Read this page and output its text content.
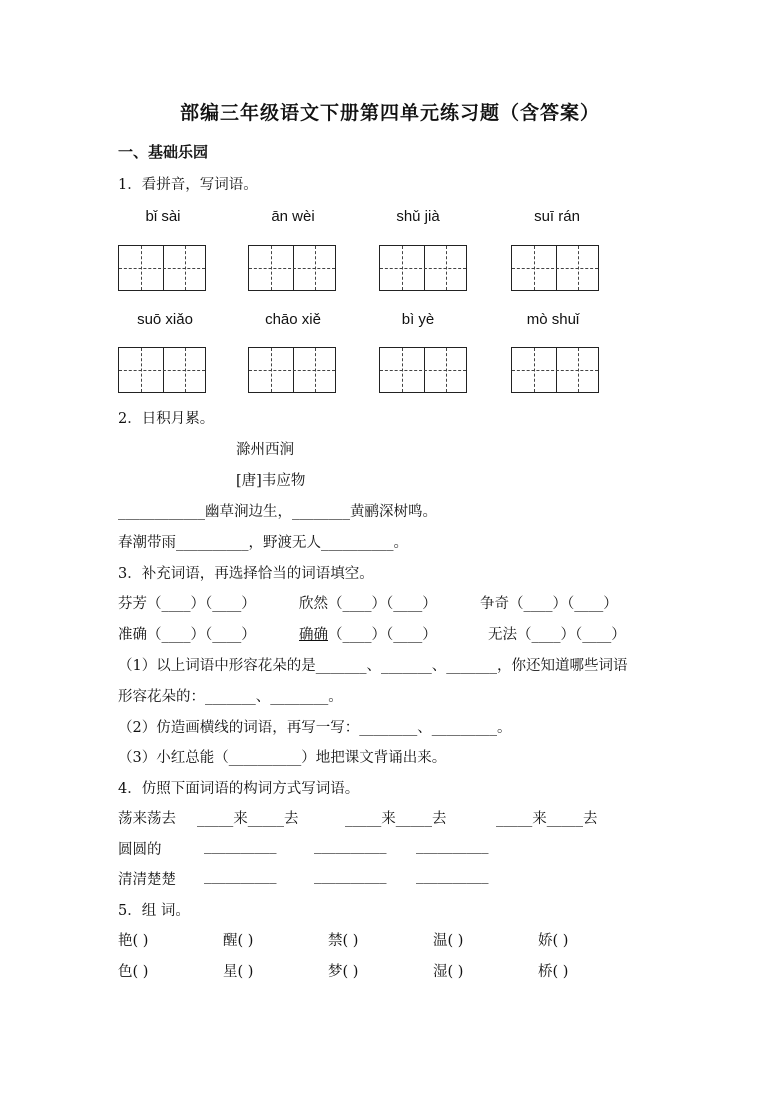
部编三年级语文下册第四单元练习题（含答案）
一、基础乐园
1．看拼音，写词语。
bǐ sài	ān wèi	shǔ jià	suī rán
suō xiǎo	chāo xiě	bì yè	mò shuǐ
2．日积月累。
滁州西涧
[唐]韦应物
____________幽草涧边生，________黄鹂深树鸣。
春潮带雨__________，野渡无人__________。
3．补充词语，再选择恰当的词语填空。
芬芳（____）（____）	欣然（____）（____）	争奇（____）（____）
准确（____）（____）	确确（____）（____）	无法（____）（____）
（1）以上词语中形容花朵的是_______、_______、_______，你还知道哪些词语
形容花朵的：_______、________。
（2）仿造画横线的词语，再写一写：________、_________。
（3）小红总能（__________）地把课文背诵出来。
4．仿照下面词语的构词方式写词语。
荡来荡去 _____来_____去	_____来_____去	_____来_____去
圆圆的	__________	__________ __________
清清楚楚 __________	__________ __________
5．组 词。
艳( )	醒( )	禁( )	温( )	娇( )
色( )	星( )	梦( )	湿( )	桥( )
